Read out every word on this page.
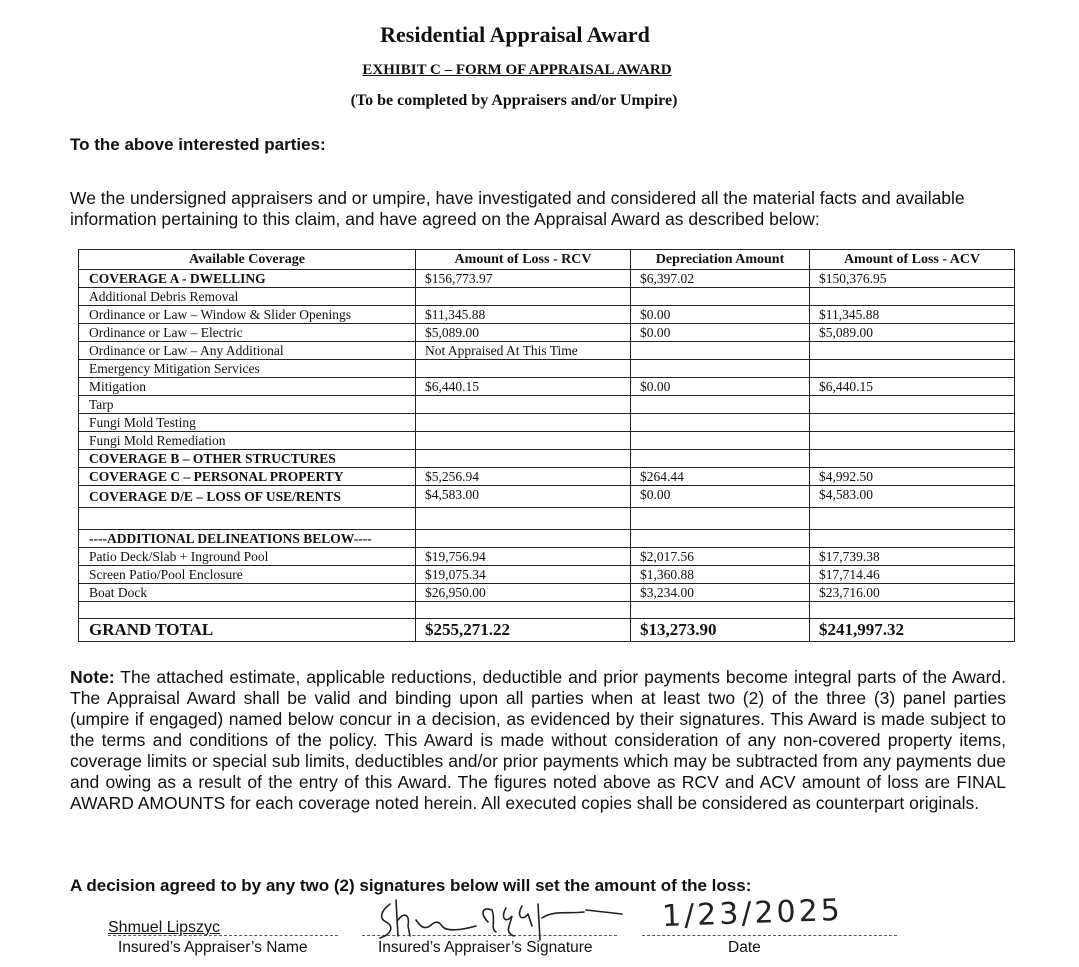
Residential Appraisal Award
EXHIBIT C – FORM OF APPRAISAL AWARD
(To be completed by Appraisers and/or Umpire)
To the above interested parties:
We the undersigned appraisers and or umpire, have investigated and considered all the material facts and available information pertaining to this claim, and have agreed on the Appraisal Award as described below:
Available Coverage	Amount of Loss - RCV	Depreciation Amount	Amount of Loss - ACV
COVERAGE A - DWELLING	$156,773.97	$6,397.02	$150,376.95
Additional Debris Removal			
Ordinance or Law – Window & Slider Openings	$11,345.88	$0.00	$11,345.88
Ordinance or Law – Electric	$5,089.00	$0.00	$5,089.00
Ordinance or Law – Any Additional	Not Appraised At This Time		
Emergency Mitigation Services			
Mitigation	$6,440.15	$0.00	$6,440.15
Tarp			
Fungi Mold Testing			
Fungi Mold Remediation			
COVERAGE B – OTHER STRUCTURES			
COVERAGE C – PERSONAL PROPERTY	$5,256.94	$264.44	$4,992.50
COVERAGE D/E – LOSS OF USE/RENTS	$4,583.00	$0.00	$4,583.00

----ADDITIONAL DELINEATIONS BELOW----			
Patio Deck/Slab + Inground Pool	$19,756.94	$2,017.56	$17,739.38
Screen Patio/Pool Enclosure	$19,075.34	$1,360.88	$17,714.46
Boat Dock	$26,950.00	$3,234.00	$23,716.00

GRAND TOTAL	$255,271.22	$13,273.90	$241,997.32
Note: The attached estimate, applicable reductions, deductible and prior payments become integral parts of the Award. The Appraisal Award shall be valid and binding upon all parties when at least two (2) of the three (3) panel parties (umpire if engaged) named below concur in a decision, as evidenced by their signatures. This Award is made subject to the terms and conditions of the policy. This Award is made without consideration of any non-covered property items, coverage limits or special sub limits, deductibles and/or prior payments which may be subtracted from any payments due and owing as a result of the entry of this Award. The figures noted above as RCV and ACV amount of loss are FINAL AWARD AMOUNTS for each coverage noted herein. All executed copies shall be considered as counterpart originals.
A decision agreed to by any two (2) signatures below will set the amount of the loss:
Shmuel Lipszyc
Insured’s Appraiser’s Name	Insured’s Appraiser’s Signature
1/23/2025
Date
